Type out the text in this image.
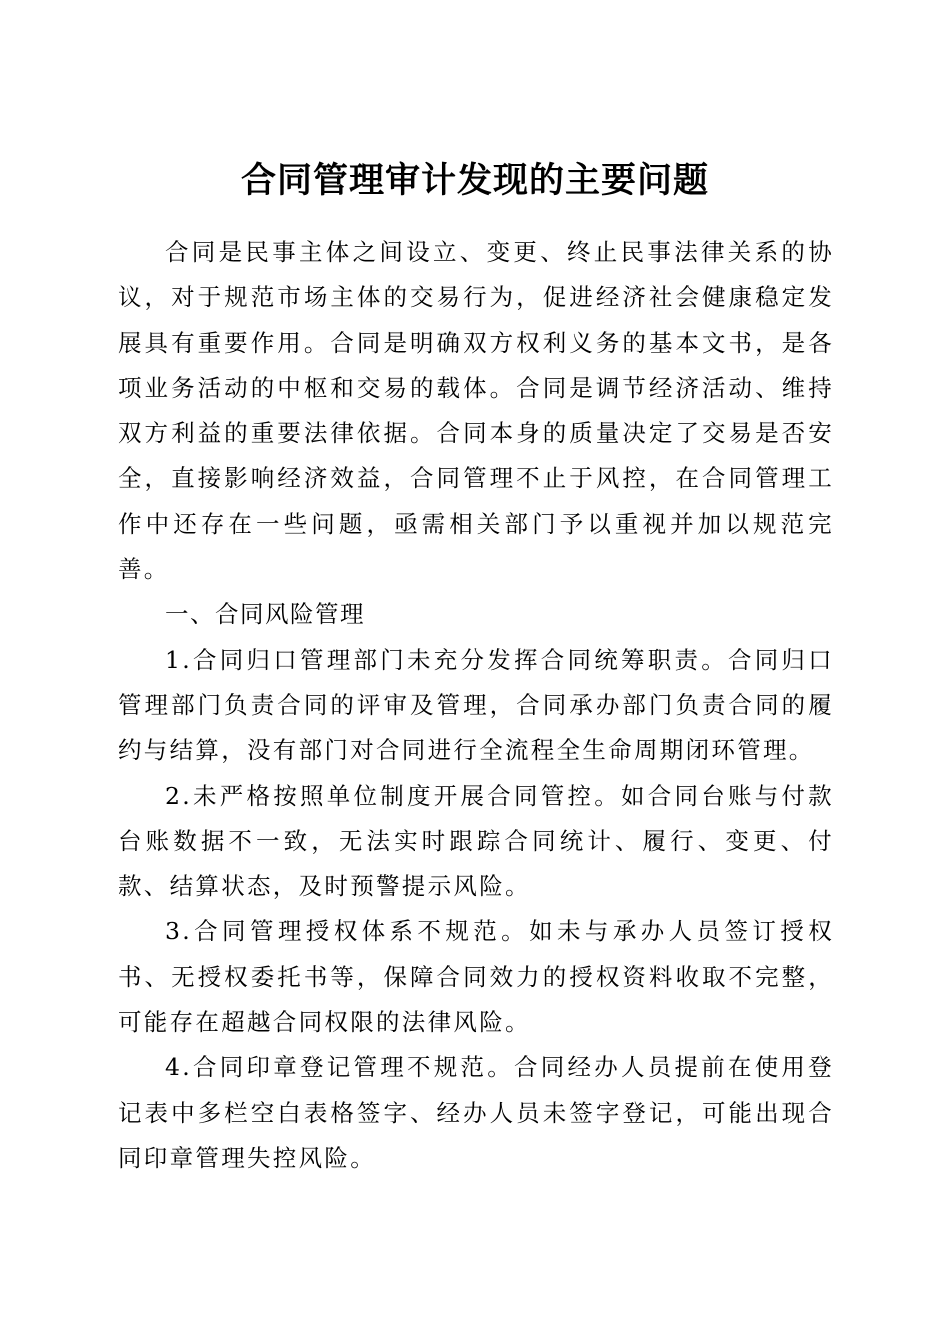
合同管理审计发现的主要问题

合同是民事主体之间设立、变更、终止民事法律关系的协议，对于规范市场主体的交易行为，促进经济社会健康稳定发展具有重要作用。合同是明确双方权利义务的基本文书，是各项业务活动的中枢和交易的载体。合同是调节经济活动、维持双方利益的重要法律依据。合同本身的质量决定了交易是否安全，直接影响经济效益，合同管理不止于风控，在合同管理工作中还存在一些问题，亟需相关部门予以重视并加以规范完善。

一、合同风险管理

1.合同归口管理部门未充分发挥合同统筹职责。合同归口管理部门负责合同的评审及管理，合同承办部门负责合同的履约与结算，没有部门对合同进行全流程全生命周期闭环管理。

2.未严格按照单位制度开展合同管控。如合同台账与付款台账数据不一致，无法实时跟踪合同统计、履行、变更、付款、结算状态，及时预警提示风险。

3.合同管理授权体系不规范。如未与承办人员签订授权书、无授权委托书等，保障合同效力的授权资料收取不完整，可能存在超越合同权限的法律风险。

4.合同印章登记管理不规范。合同经办人员提前在使用登记表中多栏空白表格签字、经办人员未签字登记，可能出现合同印章管理失控风险。
